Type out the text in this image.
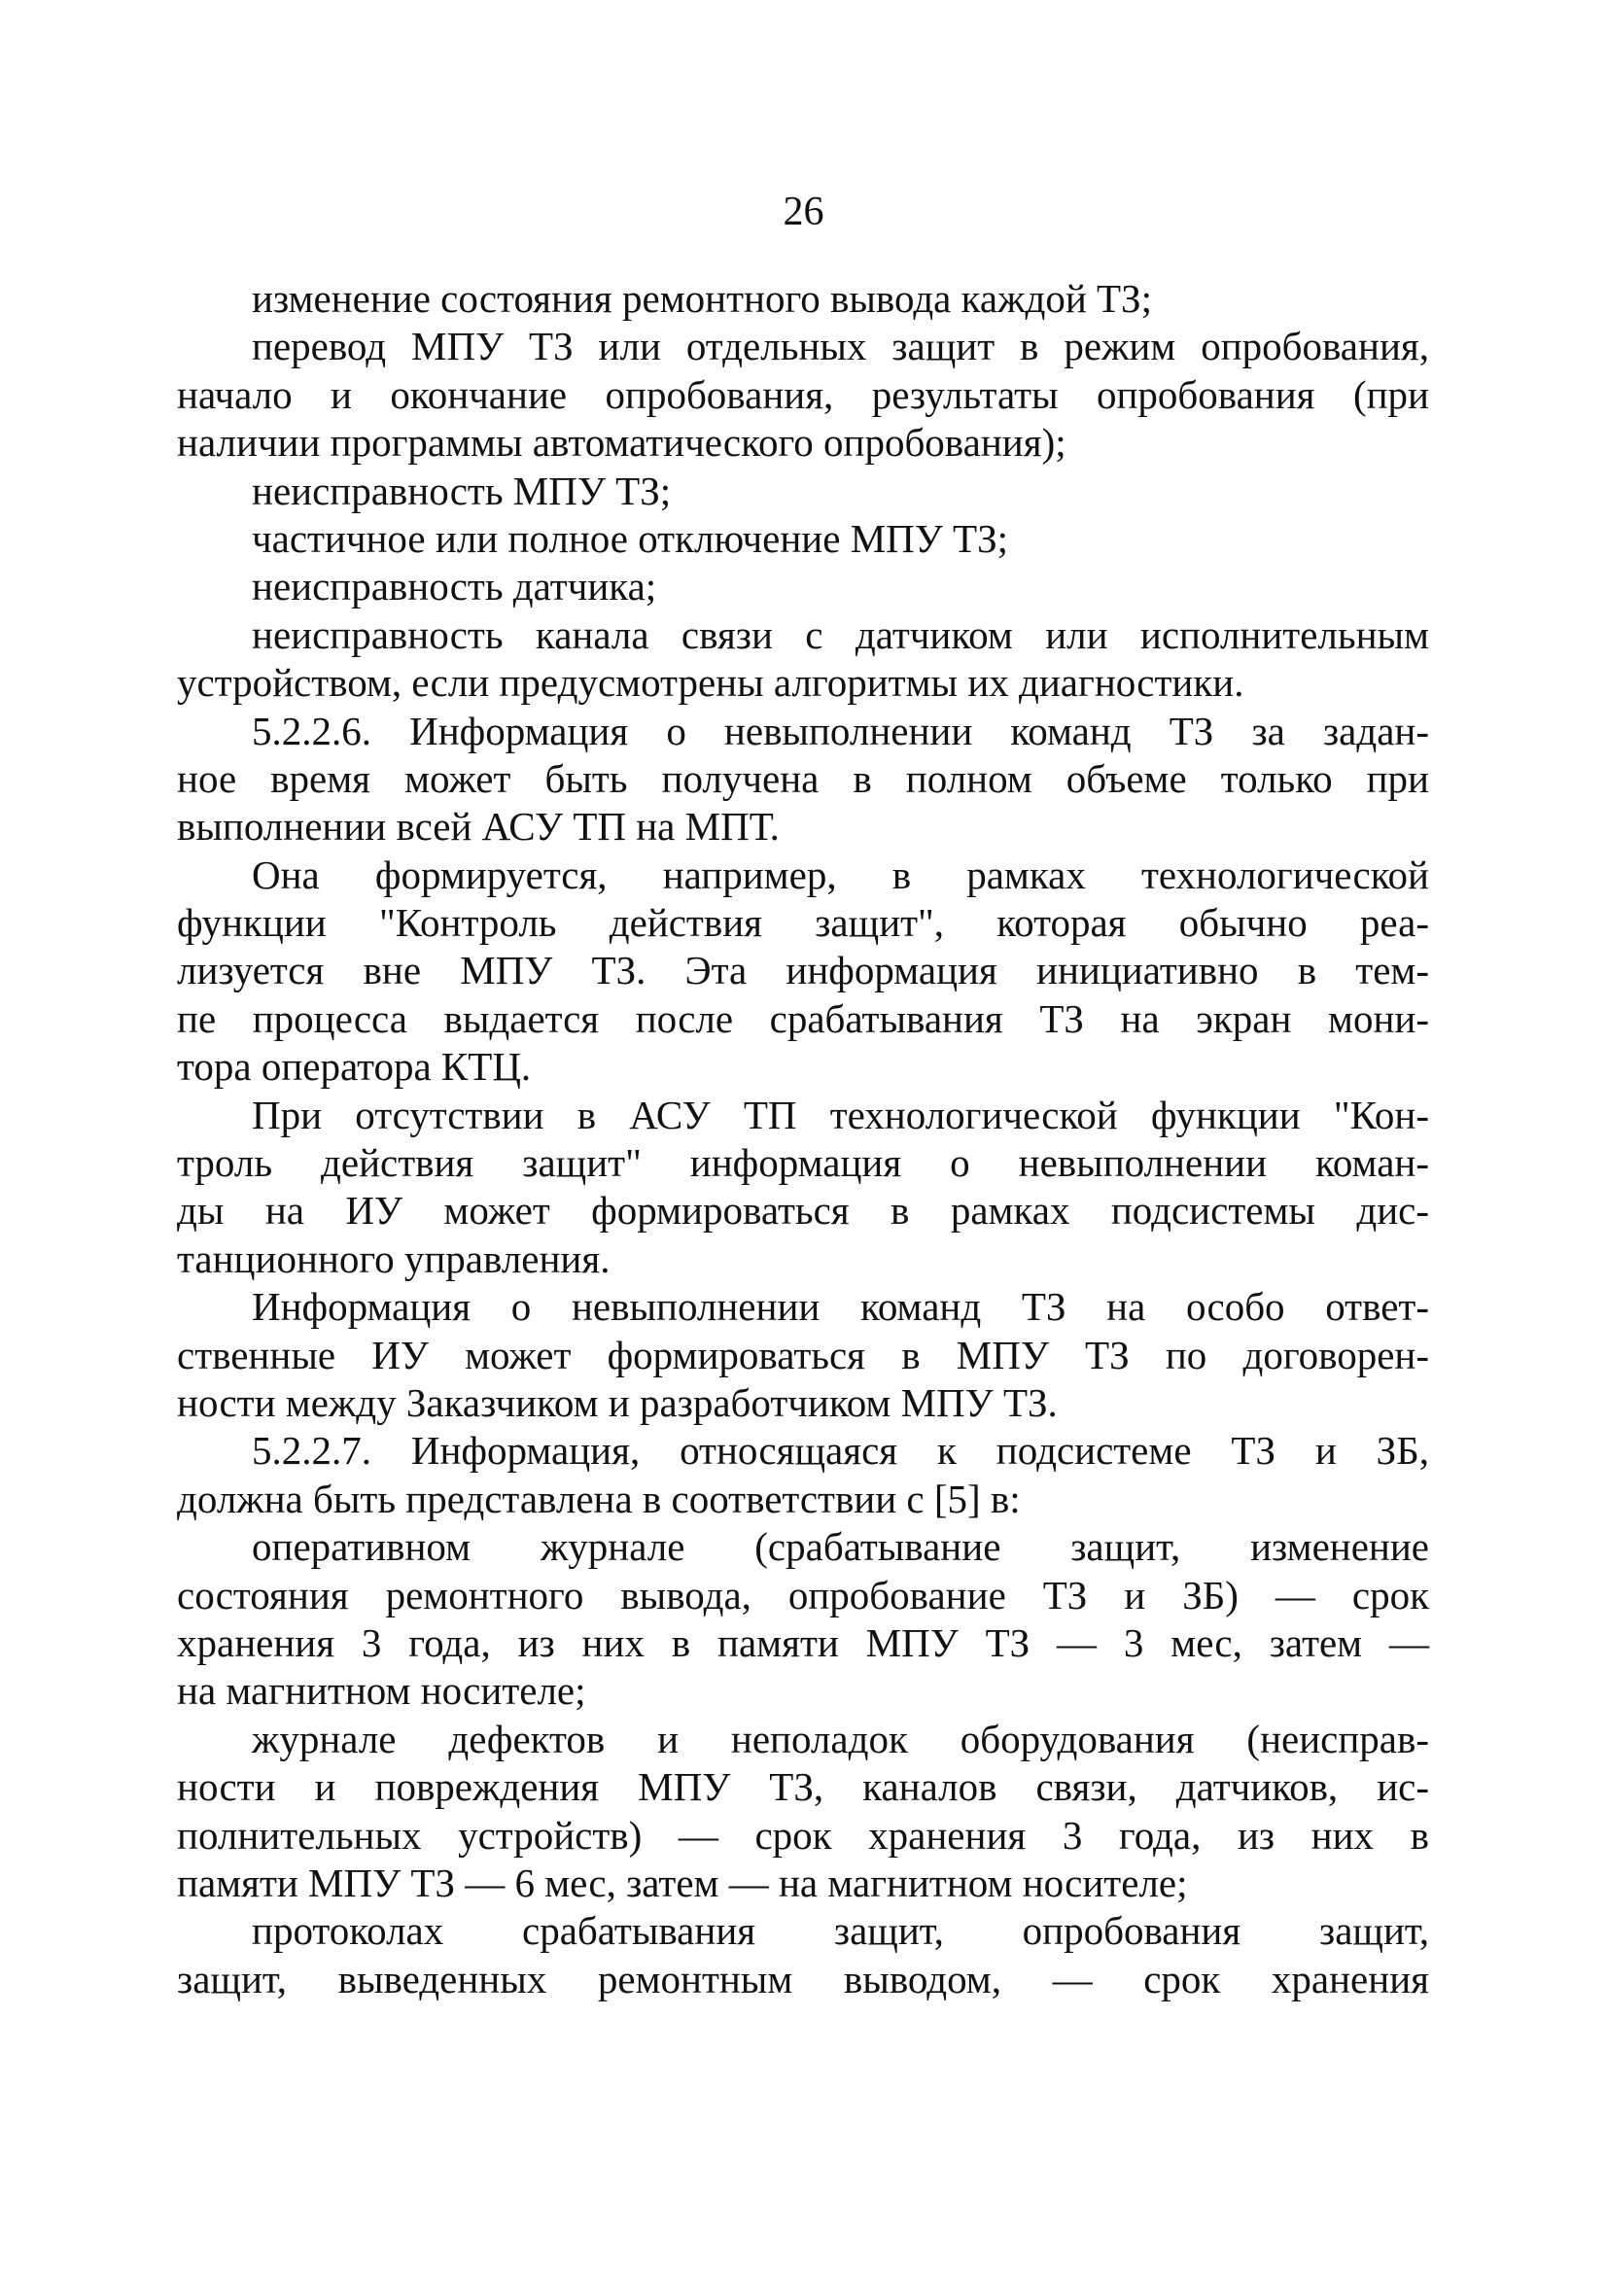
26
изменение состояния ремонтного вывода каждой ТЗ;
перевод МПУ ТЗ или отдельных защит в режим опробования,
начало и окончание опробования, результаты опробования (при
наличии программы автоматического опробования);
неисправность МПУ ТЗ;
частичное или полное отключение МПУ ТЗ;
неисправность датчика;
неисправность канала связи с датчиком или исполнительным
устройством, если предусмотрены алгоритмы их диагностики.
5.2.2.6. Информация о невыполнении команд ТЗ за задан-
ное время может быть получена в полном объеме только при
выполнении всей АСУ ТП на МПТ.
Она формируется, например, в рамках технологической
функции "Контроль действия защит", которая обычно реа-
лизуется вне МПУ ТЗ. Эта информация инициативно в тем-
пе процесса выдается после срабатывания ТЗ на экран мони-
тора оператора КТЦ.
При отсутствии в АСУ ТП технологической функции "Кон-
троль действия защит" информация о невыполнении коман-
ды на ИУ может формироваться в рамках подсистемы дис-
танционного управления.
Информация о невыполнении команд ТЗ на особо ответ-
ственные ИУ может формироваться в МПУ ТЗ по договорен-
ности между Заказчиком и разработчиком МПУ ТЗ.
5.2.2.7. Информация, относящаяся к подсистеме ТЗ и ЗБ,
должна быть представлена в соответствии с [5] в:
оперативном журнале (срабатывание защит, изменение
состояния ремонтного вывода, опробование ТЗ и ЗБ) — срок
хранения 3 года, из них в памяти МПУ ТЗ — 3 мес, затем —
на магнитном носителе;
журнале дефектов и неполадок оборудования (неисправ-
ности и повреждения МПУ ТЗ, каналов связи, датчиков, ис-
полнительных устройств) — срок хранения 3 года, из них в
памяти МПУ ТЗ — 6 мес, затем — на магнитном носителе;
протоколах срабатывания защит, опробования защит,
защит, выведенных ремонтным выводом, — срок хранения
